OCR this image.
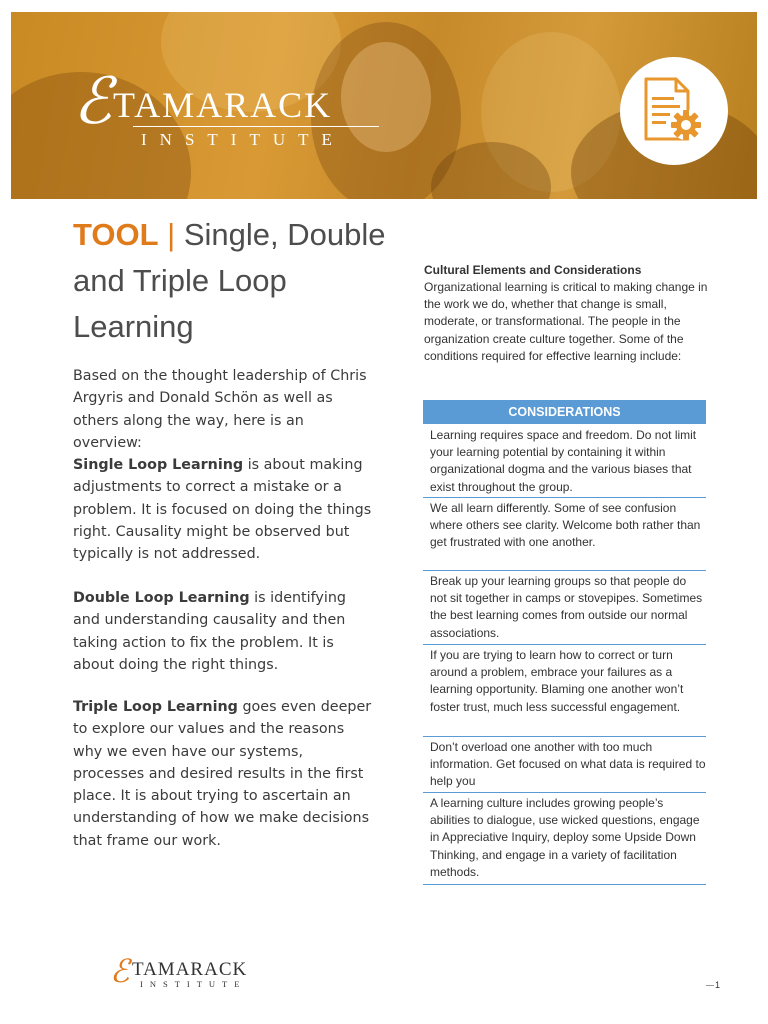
ℰ TAMARACK
INSTITUTE
TOOL | Single, Double and Triple Loop Learning

Based on the thought leadership of Chris Argyris and Donald Schön as well as others along the way, here is an overview:

Single Loop Learning is about making adjustments to correct a mistake or a problem. It is focused on doing the things right. Causality might be observed but typically is not addressed.

Double Loop Learning is identifying and understanding causality and then taking action to fix the problem. It is about doing the right things.

Triple Loop Learning goes even deeper to explore our values and the reasons why we even have our systems, processes and desired results in the first place. It is about trying to ascertain an understanding of how we make decisions that frame our work.

Cultural Elements and Considerations

Organizational learning is critical to making change in the work we do, whether that change is small, moderate, or transformational. The people in the organization create culture together. Some of the conditions required for effective learning include:

CONSIDERATIONS

Learning requires space and freedom. Do not limit your learning potential by containing it within organizational dogma and the various biases that exist throughout the group.

We all learn differently. Some of see confusion where others see clarity. Welcome both rather than get frustrated with one another.

Break up your learning groups so that people do not sit together in camps or stovepipes. Sometimes the best learning comes from outside our normal associations.

If you are trying to learn how to correct or turn around a problem, embrace your failures as a learning opportunity. Blaming one another won’t foster trust, much less successful engagement.

Don’t overload one another with too much information. Get focused on what data is required to help you

A learning culture includes growing people’s abilities to dialogue, use wicked questions, engage in Appreciative Inquiry, deploy some Upside Down Thinking, and engage in a variety of facilitation methods.

ℰ TAMARACK
INSTITUTE	1
